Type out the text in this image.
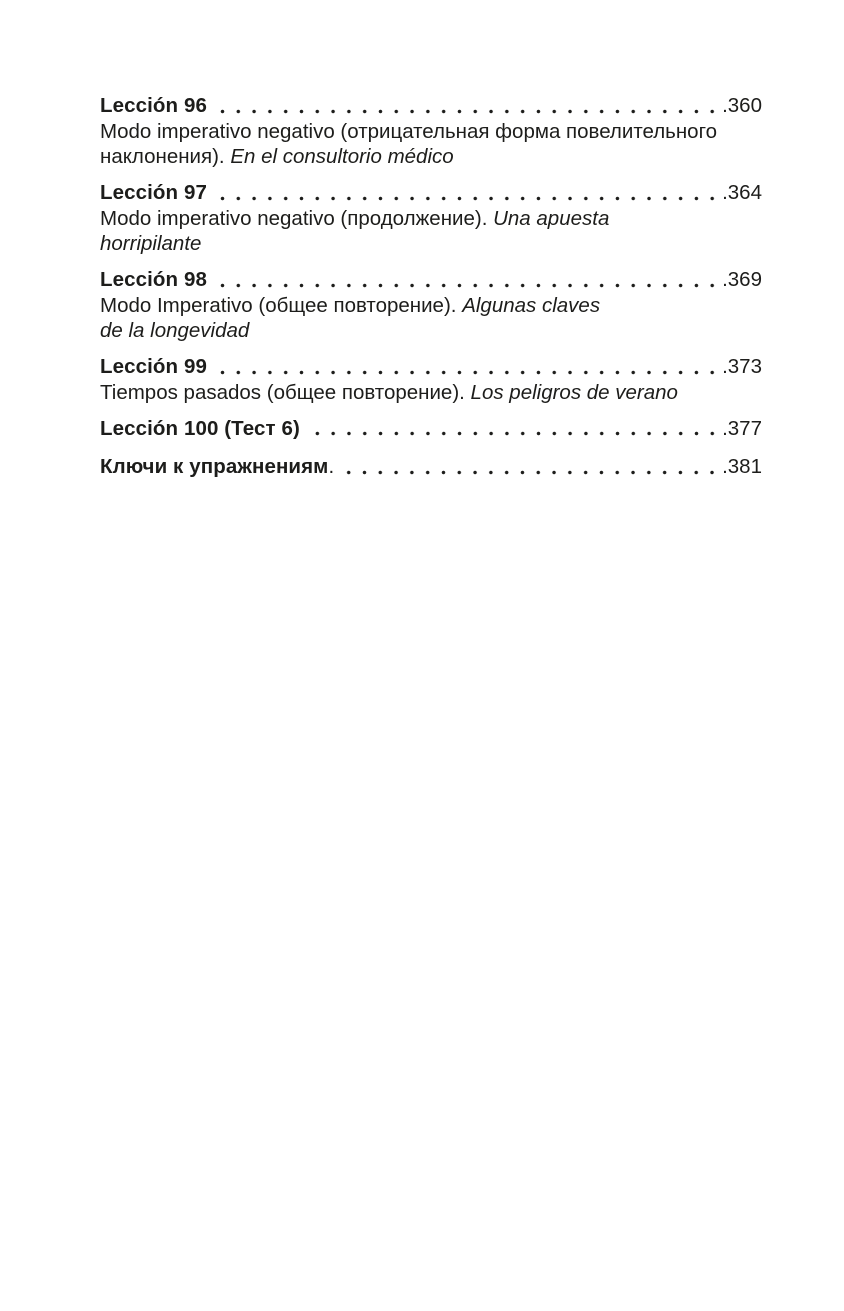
Lección 96	. 360
Modo imperativo negativo (отрицательная форма повелительного
наклонения). En el consultorio médico
Lección 97	. 364
Modo imperativo negativo (продолжение). Una apuesta
horripilante
Lección 98	. 369
Modo Imperativo (общее повторение). Algunas claves
de la longevidad
Lección 99	. 373
Tiempos pasados (общее повторение). Los peligros de verano
Lección 100 (Тест 6)	. 377
Ключи к упражнениям .	. 381
